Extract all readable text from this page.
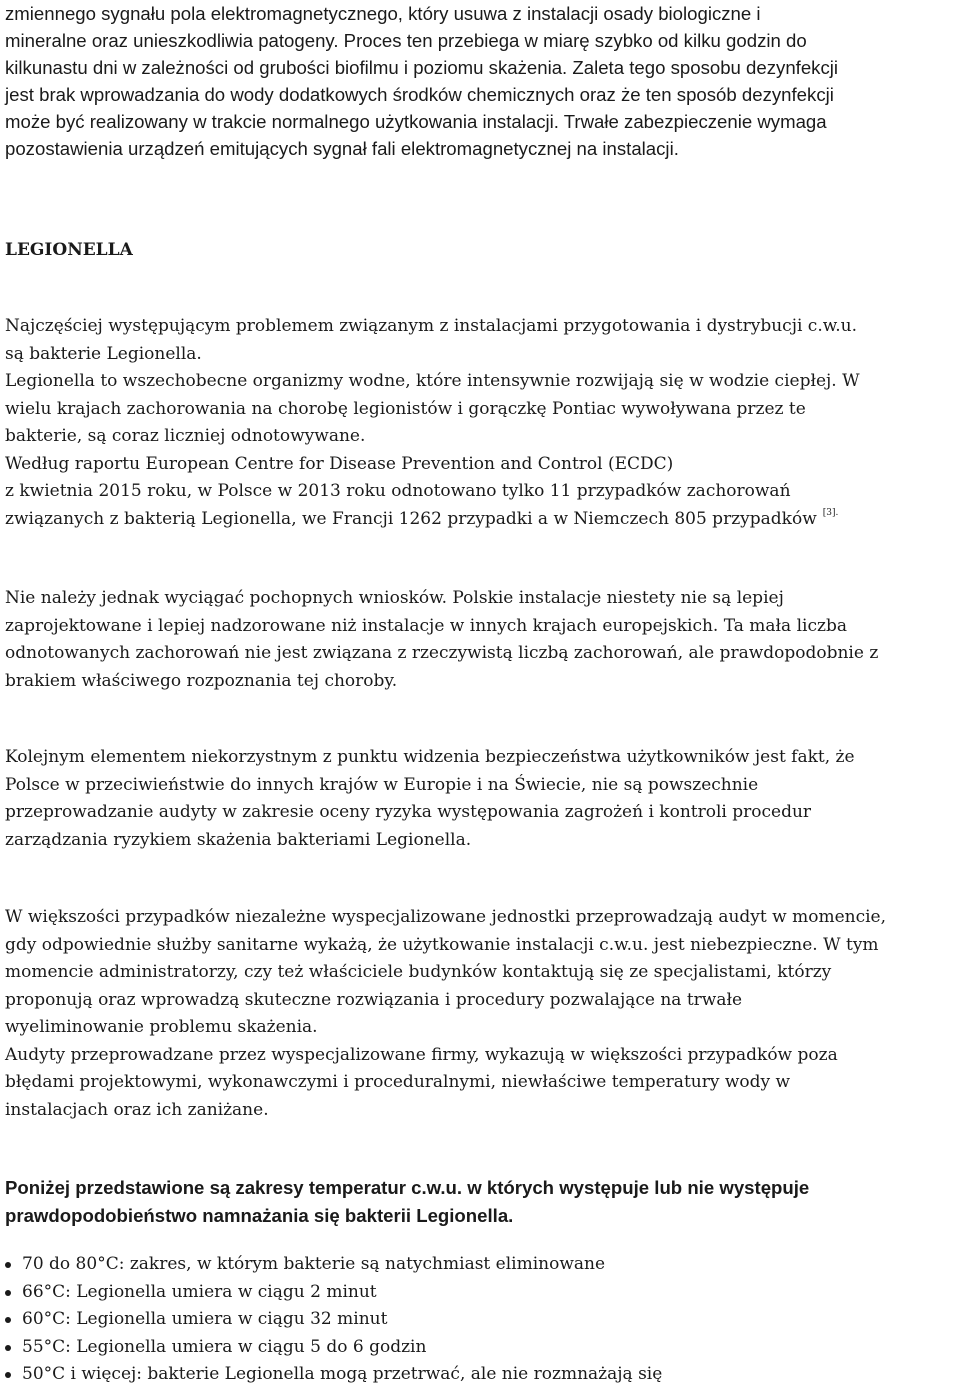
zmiennego sygnału pola elektromagnetycznego, który usuwa z instalacji osady biologiczne i
mineralne oraz unieszkodliwia patogeny. Proces ten przebiega w miarę szybko od kilku godzin do
kilkunastu dni w zależności od grubości biofilmu i poziomu skażenia. Zaleta tego sposobu dezynfekcji
jest brak wprowadzania do wody dodatkowych środków chemicznych oraz że ten sposób dezynfekcji
może być realizowany w trakcie normalnego użytkowania instalacji. Trwałe zabezpieczenie wymaga
pozostawienia urządzeń emitujących sygnał fali elektromagnetycznej na instalacji.
LEGIONELLA
Najczęściej występującym problemem związanym z instalacjami przygotowania i dystrybucji c.w.u.
są bakterie Legionella.
Legionella to wszechobecne organizmy wodne, które intensywnie rozwijają się w wodzie ciepłej. W
wielu krajach zachorowania na chorobę legionistów i gorączkę Pontiac wywoływana przez te
bakterie, są coraz liczniej odnotowywane.
Według raportu European Centre for Disease Prevention and Control (ECDC)
z kwietnia 2015 roku, w Polsce w 2013 roku odnotowano tylko 11 przypadków zachorowań
związanych z bakterią Legionella, we Francji 1262 przypadki a w Niemczech 805 przypadków $^{[3].}$
Nie należy jednak wyciągać pochopnych wniosków. Polskie instalacje niestety nie są lepiej
zaprojektowane i lepiej nadzorowane niż instalacje w innych krajach europejskich. Ta mała liczba
odnotowanych zachorowań nie jest związana z rzeczywistą liczbą zachorowań, ale prawdopodobnie z
brakiem właściwego rozpoznania tej choroby.
Kolejnym elementem niekorzystnym z punktu widzenia bezpieczeństwa użytkowników jest fakt, że
Polsce w przeciwieństwie do innych krajów w Europie i na Świecie, nie są powszechnie
przeprowadzanie audyty w zakresie oceny ryzyka występowania zagrożeń i kontroli procedur
zarządzania ryzykiem skażenia bakteriami Legionella.
W większości przypadków niezależne wyspecjalizowane jednostki przeprowadzają audyt w momencie,
gdy odpowiednie służby sanitarne wykażą, że użytkowanie instalacji c.w.u. jest niebezpieczne. W tym
momencie administratorzy, czy też właściciele budynków kontaktują się ze specjalistami, którzy
proponują oraz wprowadzą skuteczne rozwiązania i procedury pozwalające na trwałe
wyeliminowanie problemu skażenia.
Audyty przeprowadzane przez wyspecjalizowane firmy, wykazują w większości przypadków poza
błędami projektowymi, wykonawczymi i proceduralnymi, niewłaściwe temperatury wody w
instalacjach oraz ich zaniżane.
Poniżej przedstawione są zakresy temperatur c.w.u. w których występuje lub nie występuje
prawdopodobieństwo namnażania się bakterii Legionella.
70 do 80°C: zakres, w którym bakterie są natychmiast eliminowane
66°C: Legionella umiera w ciągu 2 minut
60°C: Legionella umiera w ciągu 32 minut
55°C: Legionella umiera w ciągu 5 do 6 godzin
50°C i więcej: bakterie Legionella mogą przetrwać, ale nie rozmnażają się
